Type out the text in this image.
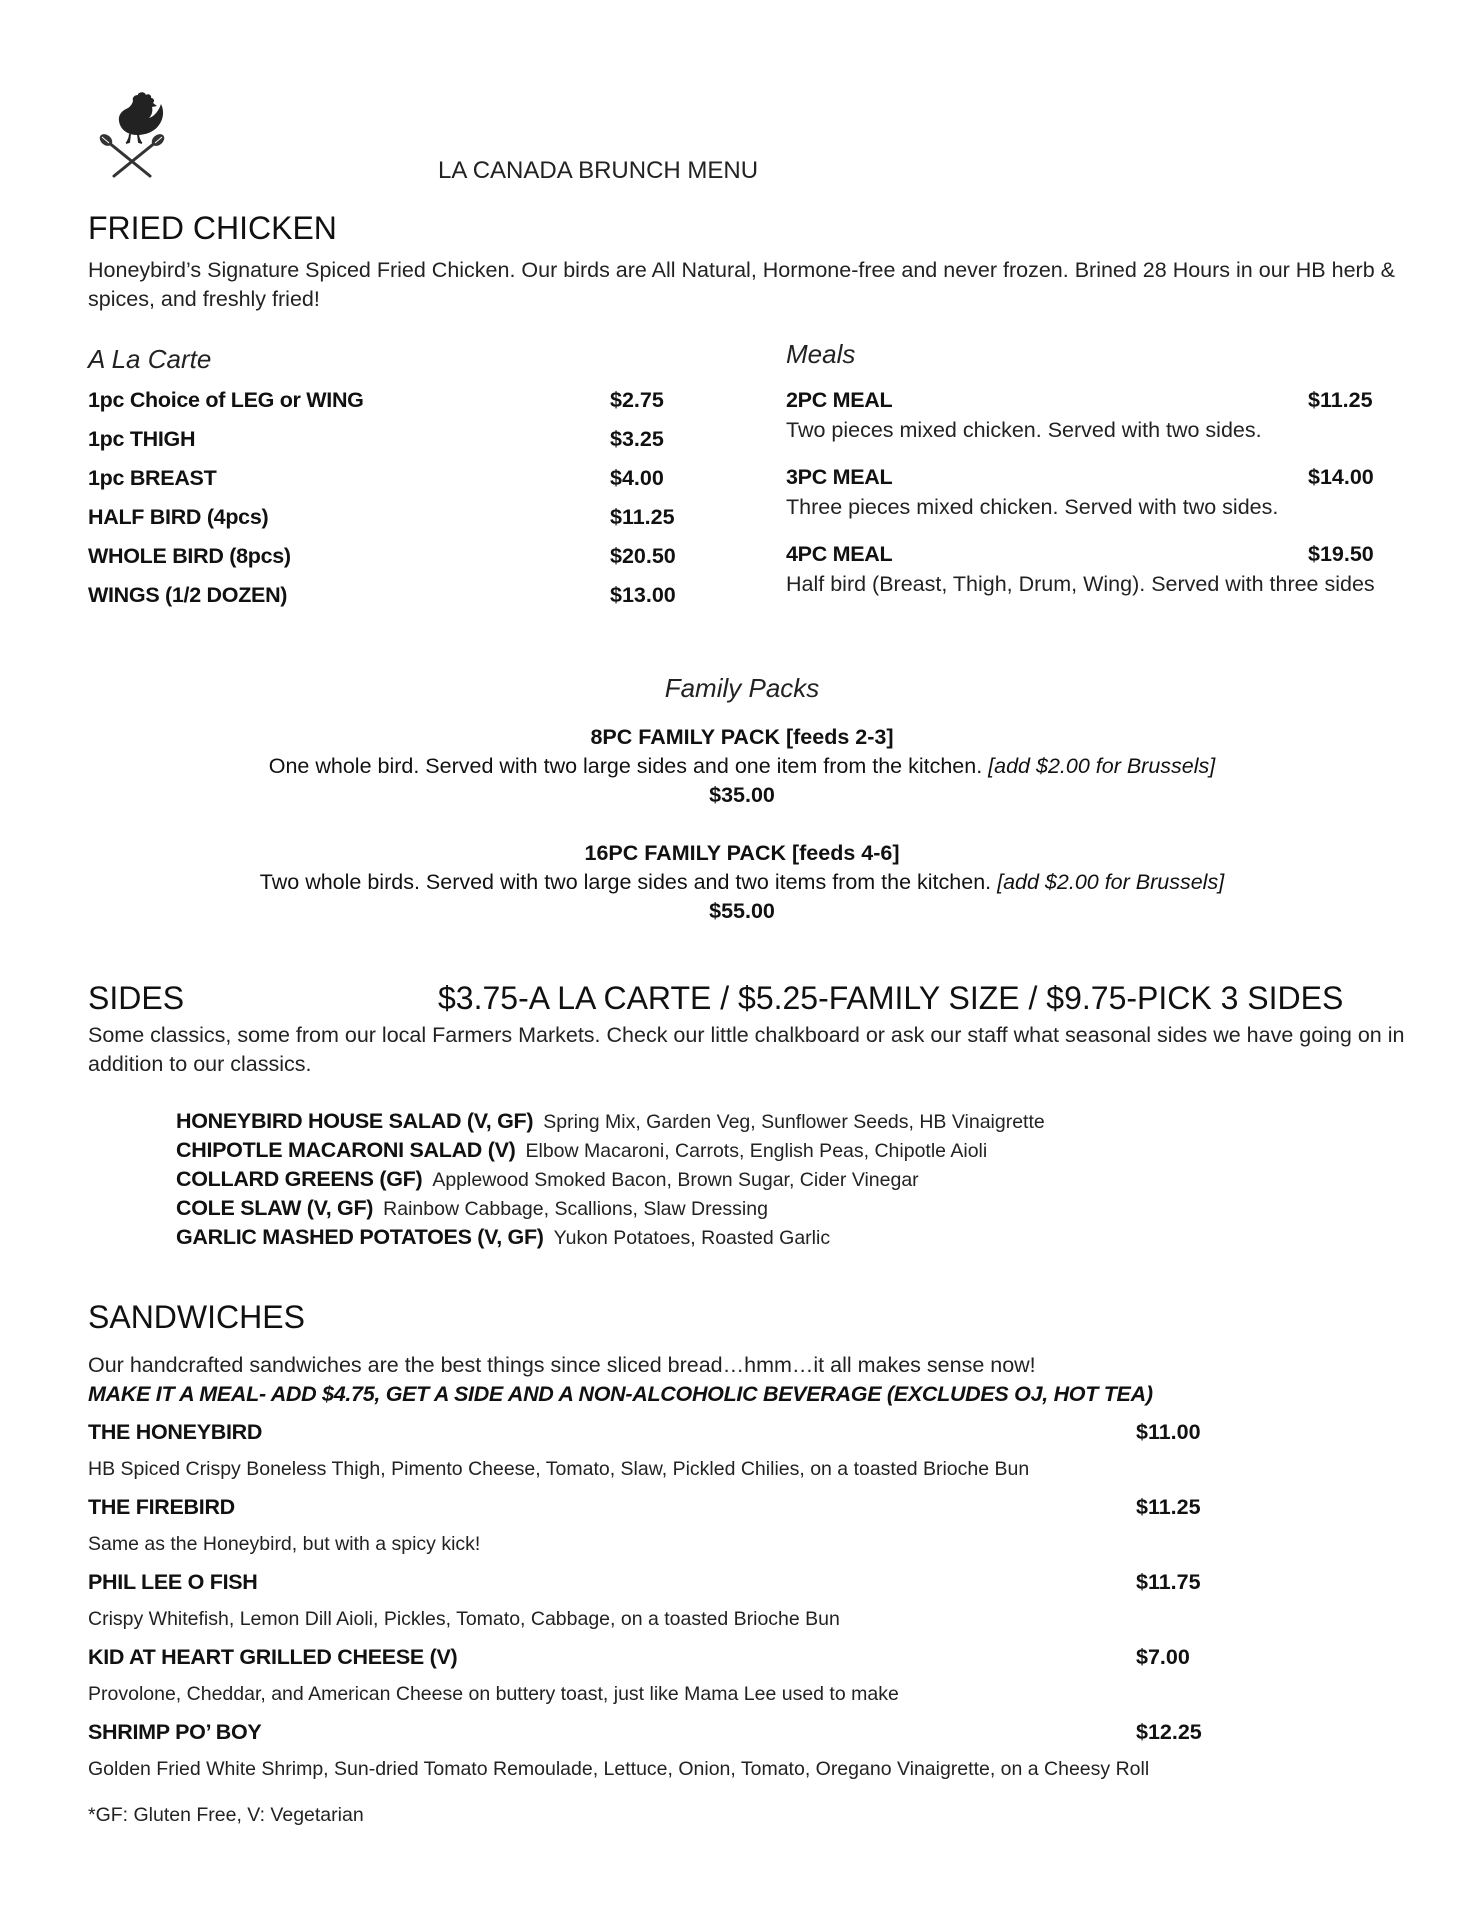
LA CANADA BRUNCH MENU
FRIED CHICKEN
Honeybird’s Signature Spiced Fried Chicken. Our birds are All Natural, Hormone-free and never frozen. Brined 28 Hours in our HB herb & spices, and freshly fried!
A La Carte
1pc Choice of LEG or WING	$2.75
1pc THIGH	$3.25
1pc BREAST	$4.00
HALF BIRD (4pcs)	$11.25
WHOLE BIRD (8pcs)	$20.50
WINGS (1/2 DOZEN)	$13.00
Meals
2PC MEAL	$11.25
Two pieces mixed chicken. Served with two sides.
3PC MEAL	$14.00
Three pieces mixed chicken. Served with two sides.
4PC MEAL	$19.50
Half bird (Breast, Thigh, Drum, Wing). Served with three sides
Family Packs
8PC FAMILY PACK [feeds 2-3]
One whole bird. Served with two large sides and one item from the kitchen. [add $2.00 for Brussels]
$35.00
16PC FAMILY PACK [feeds 4-6]
Two whole birds. Served with two large sides and two items from the kitchen. [add $2.00 for Brussels]
$55.00
SIDES	$3.75-A LA CARTE / $5.25-FAMILY SIZE / $9.75-PICK 3 SIDES
Some classics, some from our local Farmers Markets. Check our little chalkboard or ask our staff what seasonal sides we have going on in addition to our classics.
HONEYBIRD HOUSE SALAD (V, GF) Spring Mix, Garden Veg, Sunflower Seeds, HB Vinaigrette
CHIPOTLE MACARONI SALAD (V) Elbow Macaroni, Carrots, English Peas, Chipotle Aioli
COLLARD GREENS (GF) Applewood Smoked Bacon, Brown Sugar, Cider Vinegar
COLE SLAW (V, GF) Rainbow Cabbage, Scallions, Slaw Dressing
GARLIC MASHED POTATOES (V, GF) Yukon Potatoes, Roasted Garlic
SANDWICHES
Our handcrafted sandwiches are the best things since sliced bread…hmm…it all makes sense now!
MAKE IT A MEAL- ADD $4.75, GET A SIDE AND A NON-ALCOHOLIC BEVERAGE (EXCLUDES OJ, HOT TEA)
THE HONEYBIRD	$11.00
HB Spiced Crispy Boneless Thigh, Pimento Cheese, Tomato, Slaw, Pickled Chilies, on a toasted Brioche Bun
THE FIREBIRD	$11.25
Same as the Honeybird, but with a spicy kick!
PHIL LEE O FISH	$11.75
Crispy Whitefish, Lemon Dill Aioli, Pickles, Tomato, Cabbage, on a toasted Brioche Bun
KID AT HEART GRILLED CHEESE (V)	$7.00
Provolone, Cheddar, and American Cheese on buttery toast, just like Mama Lee used to make
SHRIMP PO’ BOY	$12.25
Golden Fried White Shrimp, Sun-dried Tomato Remoulade, Lettuce, Onion, Tomato, Oregano Vinaigrette, on a Cheesy Roll
*GF: Gluten Free, V: Vegetarian
